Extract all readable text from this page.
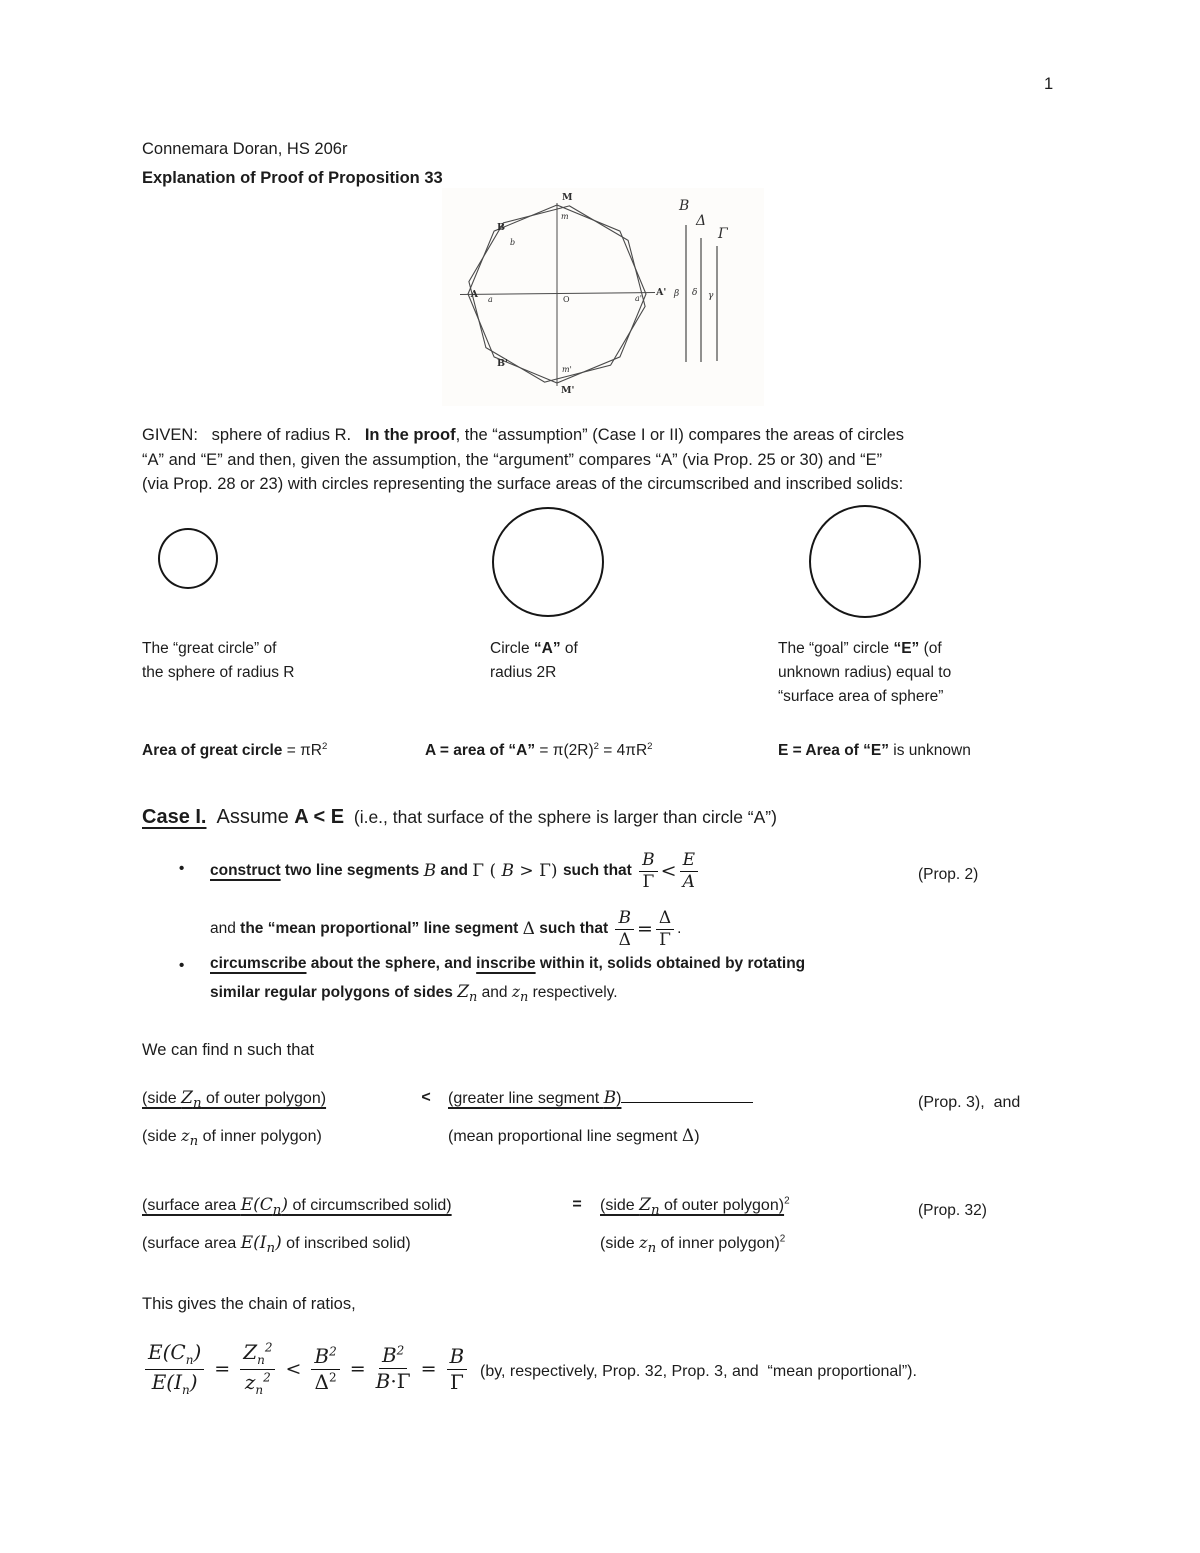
1
Connemara Doran, HS 206r
Explanation of Proof of Proposition 33
M
B
A	A'
B'
M'
m
b
a	O	a'
m'
B
Δ
Γ
β δ γ
GIVEN:   sphere of radius R.   In the proof, the “assumption” (Case I or II) compares the areas of circles
“A” and “E” and then, given the assumption, the “argument” compares “A” (via Prop. 25 or 30) and “E”
(via Prop. 28 or 23) with circles representing the surface areas of the circumscribed and inscribed solids:
The “great circle” of
the sphere of radius R
Circle “A” of
radius 2R
The “goal” circle “E” (of
unknown radius) equal to
“surface area of sphere”
Area of great circle = $\pi R^2$	A = area of “A” = $\pi(2R)^2 = 4\pi R^2$	E = Area of “E” is unknown
Case I.  Assume A < E  (i.e., that surface of the sphere is larger than circle “A”)
• construct two line segments B and Γ ( B > Γ ) such that $\frac{B}{\Gamma} < \frac{E}{A}$	(Prop. 2)
and the “mean proportional” line segment Δ such that $\frac{B}{\Delta} = \frac{\Delta}{\Gamma}$ .
• circumscribe about the sphere, and inscribe within it, solids obtained by rotating
similar regular polygons of sides $Z_n$ and $z_n$ respectively.
We can find n such that
(side $Z_n$ of outer polygon)	<	(greater line segment B)
(side $z_n$ of inner polygon)	(mean proportional line segment Δ)
(Prop. 3),  and
(surface area $E(C_n)$ of circumscribed solid)	=	(side $Z_n$ of outer polygon)$^2$
(surface area $E(I_n)$ of inscribed solid)	(side $z_n$ of inner polygon)$^2$
(Prop. 32)
This gives the chain of ratios,
$\frac{E(C_n)}{E(I_n)} = \frac{Z_n^2}{z_n^2} < \frac{B^2}{\Delta^2} = \frac{B^2}{B\cdot\Gamma} = \frac{B}{\Gamma} (by$, respectively, Prop. 32, Prop. 3, and  “mean proportional”).
